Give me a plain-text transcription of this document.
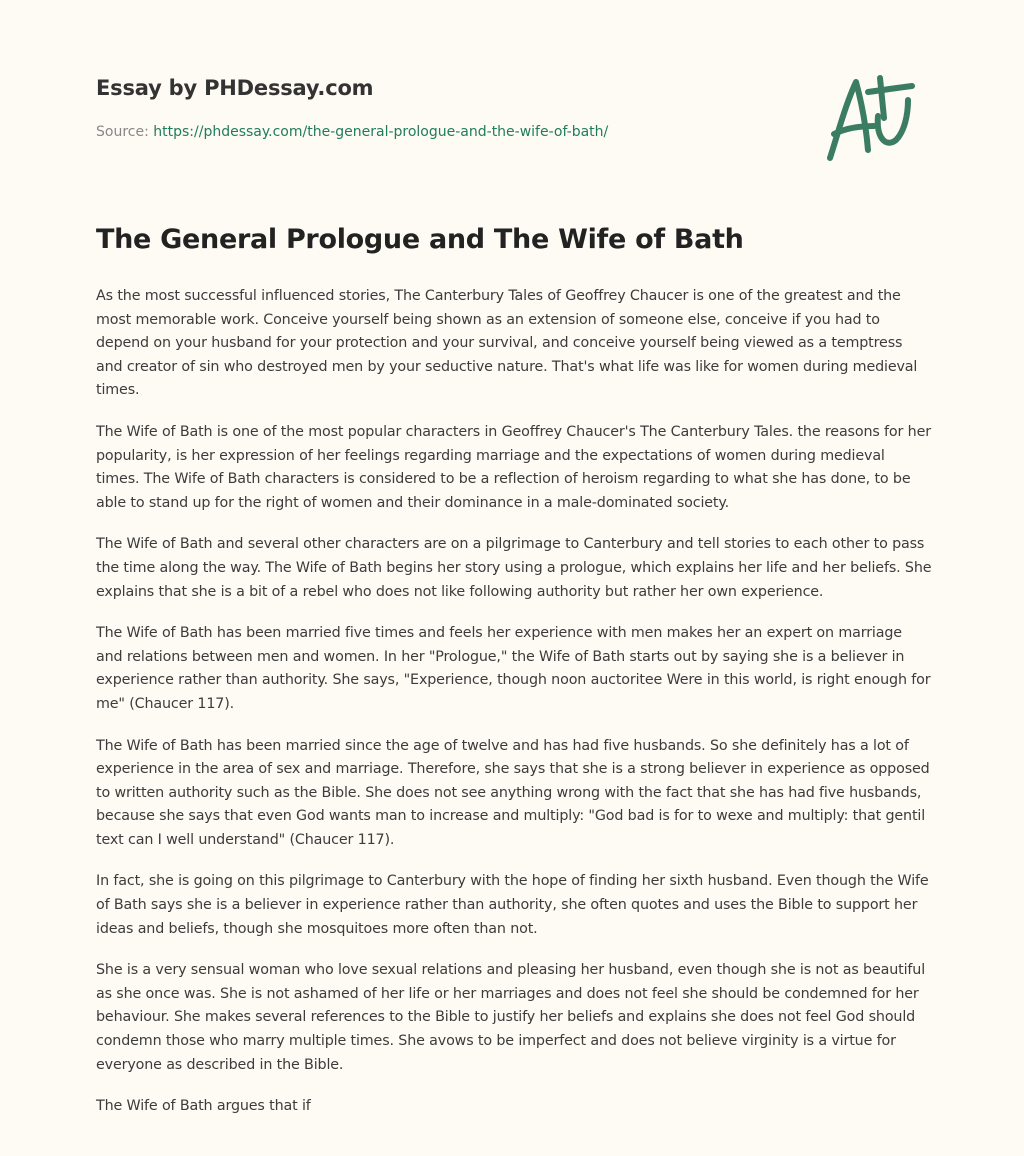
Essay by PHDessay.com
Source: https://phdessay.com/the-general-prologue-and-the-wife-of-bath/
The General Prologue and The Wife of Bath

As the most successful influenced stories, The Canterbury Tales of Geoffrey Chaucer is one of the greatest and the most memorable work. Conceive yourself being shown as an extension of someone else, conceive if you had to depend on your husband for your protection and your survival, and conceive yourself being viewed as a temptress and creator of sin who destroyed men by your seductive nature. That's what life was like for women during medieval times.

The Wife of Bath is one of the most popular characters in Geoffrey Chaucer's The Canterbury Tales. the reasons for her popularity, is her expression of her feelings regarding marriage and the expectations of women during medieval times. The Wife of Bath characters is considered to be a reflection of heroism regarding to what she has done, to be able to stand up for the right of women and their dominance in a male-dominated society.

The Wife of Bath and several other characters are on a pilgrimage to Canterbury and tell stories to each other to pass the time along the way. The Wife of Bath begins her story using a prologue, which explains her life and her beliefs. She explains that she is a bit of a rebel who does not like following authority but rather her own experience.

The Wife of Bath has been married five times and feels her experience with men makes her an expert on marriage and relations between men and women. In her "Prologue," the Wife of Bath starts out by saying she is a believer in experience rather than authority. She says, "Experience, though noon auctoritee Were in this world, is right enough for me" (Chaucer 117).

The Wife of Bath has been married since the age of twelve and has had five husbands. So she definitely has a lot of experience in the area of sex and marriage. Therefore, she says that she is a strong believer in experience as opposed to written authority such as the Bible. She does not see anything wrong with the fact that she has had five husbands, because she says that even God wants man to increase and multiply: "God bad is for to wexe and multiply: that gentil text can I well understand" (Chaucer 117).

In fact, she is going on this pilgrimage to Canterbury with the hope of finding her sixth husband. Even though the Wife of Bath says she is a believer in experience rather than authority, she often quotes and uses the Bible to support her ideas and beliefs, though she mosquitoes more often than not.

She is a very sensual woman who love sexual relations and pleasing her husband, even though she is not as beautiful as she once was. She is not ashamed of her life or her marriages and does not feel she should be condemned for her behaviour. She makes several references to the Bible to justify her beliefs and explains she does not feel God should condemn those who marry multiple times. She avows to be imperfect and does not believe virginity is a virtue for everyone as described in the Bible.

The Wife of Bath argues that if
